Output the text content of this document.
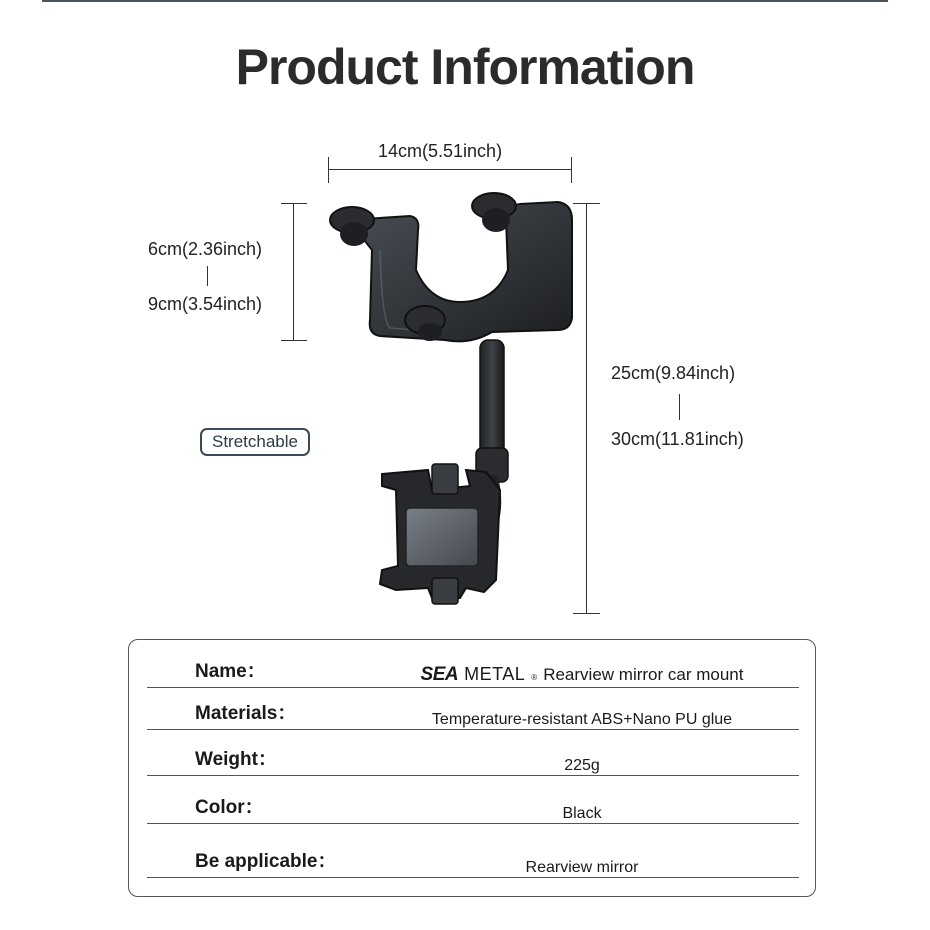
Product Information
14cm(5.51inch)
6cm(2.36inch)
9cm(3.54inch)
25cm(9.84inch)
30cm(11.81inch)
Stretchable
Name：	SEA METAL ® Rearview mirror car mount
Materials：	Temperature-resistant ABS+Nano PU glue
Weight：	225g
Color：	Black
Be applicable：	Rearview mirror
